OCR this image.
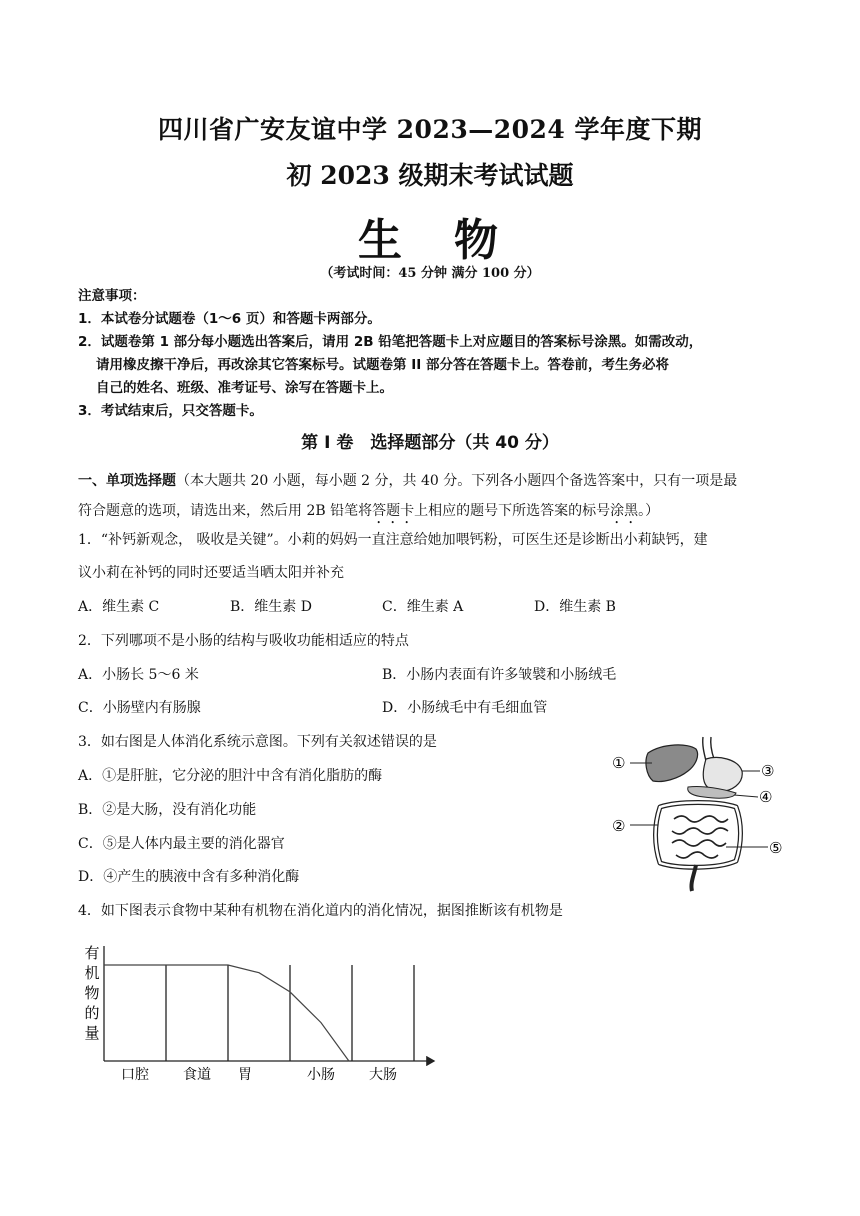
四川省广安友谊中学 2023—2024 学年度下期
初 2023 级期末考试试题
生　物
（考试时间：45 分钟 满分 100 分）
注意事项：
1．本试卷分试题卷（1～6 页）和答题卡两部分。
2．试题卷第 1 部分每小题选出答案后，请用 2B 铅笔把答题卡上对应题目的答案标号涂黑。如需改动，
请用橡皮擦干净后，再改涂其它答案标号。试题卷第 II 部分答在答题卡上。答卷前，考生务必将
自己的姓名、班级、准考证号、涂写在答题卡上。
3．考试结束后，只交答题卡。
第 I 卷　选择题部分（共 40 分）
一、单项选择题（本大题共 20 小题，每小题 2 分，共 40 分。下列各小题四个备选答案中，只有一项是最
符合题意的选项，请选出来，然后用 2B 铅笔将答题卡上相应的题号下所选答案的标号涂黑。）
1．“补钙新观念， 吸收是关键”。小莉的妈妈一直注意给她加喂钙粉，可医生还是诊断出小莉缺钙，建
议小莉在补钙的同时还要适当晒太阳并补充
A．维生素 C	B．维生素 D	C．维生素 A	D．维生素 B
2．下列哪项不是小肠的结构与吸收功能相适应的特点
A．小肠长 5～6 米	B．小肠内表面有许多皱襞和小肠绒毛
C．小肠壁内有肠腺	D．小肠绒毛中有毛细血管
3．如右图是人体消化系统示意图。下列有关叙述错误的是
A．①是肝脏，它分泌的胆汁中含有消化脂肪的酶
B．②是大肠，没有消化功能
C．⑤是人体内最主要的消化器官
D．④产生的胰液中含有多种消化酶
①
②
③
④
⑤
4．如下图表示食物中某种有机物在消化道内的消化情况，据图推断该有机物是
有
机
物
的
量
口腔 食道 胃	小肠 大肠
